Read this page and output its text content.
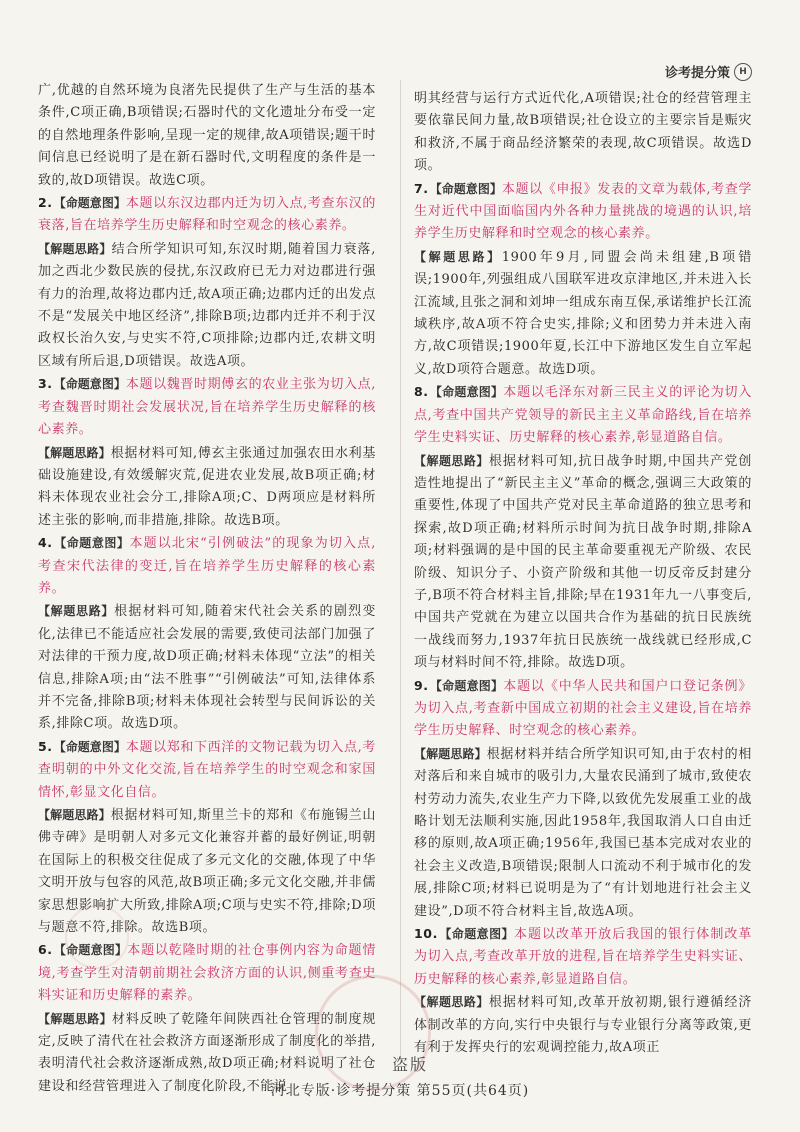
诊考提分策	H

广,优越的自然环境为良渚先民提供了生产与生活的基本条件,C项正确,B项错误;石器时代的文化遗址分布受一定的自然地理条件影响,呈现一定的规律,故A项错误;题干时间信息已经说明了是在新石器时代,文明程度的条件是一致的,故D项错误。故选C项。

2.【命题意图】本题以东汉边郡内迁为切入点,考查东汉的衰落,旨在培养学生历史解释和时空观念的核心素养。

【解题思路】结合所学知识可知,东汉时期,随着国力衰落,加之西北少数民族的侵扰,东汉政府已无力对边郡进行强有力的治理,故将边郡内迁,故A项正确;边郡内迁的出发点不是“发展关中地区经济”,排除B项;边郡内迁并不利于汉政权长治久安,与史实不符,C项排除;边郡内迁,农耕文明区域有所后退,D项错误。故选A项。

3.【命题意图】本题以魏晋时期傅玄的农业主张为切入点,考查魏晋时期社会发展状况,旨在培养学生历史解释的核心素养。

【解题思路】根据材料可知,傅玄主张通过加强农田水利基础设施建设,有效缓解灾荒,促进农业发展,故B项正确;材料未体现农业社会分工,排除A项;C、D两项应是材料所述主张的影响,而非措施,排除。故选B项。

4.【命题意图】本题以北宋“引例破法”的现象为切入点,考查宋代法律的变迁,旨在培养学生历史解释的核心素养。

【解题思路】根据材料可知,随着宋代社会关系的剧烈变化,法律已不能适应社会发展的需要,致使司法部门加强了对法律的干预力度,故D项正确;材料未体现“立法”的相关信息,排除A项;由“法不胜事”“引例破法”可知,法律体系并不完备,排除B项;材料未体现社会转型与民间诉讼的关系,排除C项。故选D项。

5.【命题意图】本题以郑和下西洋的文物记载为切入点,考查明朝的中外文化交流,旨在培养学生的时空观念和家国情怀,彰显文化自信。

【解题思路】根据材料可知,斯里兰卡的郑和《布施锡兰山佛寺碑》是明朝人对多元文化兼容并蓄的最好例证,明朝在国际上的积极交往促成了多元文化的交融,体现了中华文明开放与包容的风范,故B项正确;多元文化交融,并非儒家思想影响扩大所致,排除A项;C项与史实不符,排除;D项与题意不符,排除。故选B项。

6.【命题意图】本题以乾隆时期的社仓事例内容为命题情境,考查学生对清朝前期社会救济方面的认识,侧重考查史料实证和历史解释的素养。

【解题思路】材料反映了乾隆年间陕西社仓管理的制度规定,反映了清代在社会救济方面逐渐形成了制度化的举措,表明清代社会救济逐渐成熟,故D项正确;材料说明了社仓建设和经营管理进入了制度化阶段,不能说

明其经营与运行方式近代化,A项错误;社仓的经营管理主要依靠民间力量,故B项错误;社仓设立的主要宗旨是赈灾和救济,不属于商品经济繁荣的表现,故C项错误。故选D项。

7.【命题意图】本题以《申报》发表的文章为载体,考查学生对近代中国面临国内外各种力量挑战的境遇的认识,培养学生历史解释和时空观念的核心素养。

【解题思路】1900年9月,同盟会尚未组建,B项错误;1900年,列强组成八国联军进攻京津地区,并未进入长江流域,且张之洞和刘坤一组成东南互保,承诺维护长江流域秩序,故A项不符合史实,排除;义和团势力并未进入南方,故C项错误;1900年夏,长江中下游地区发生自立军起义,故D项符合题意。故选D项。

8.【命题意图】本题以毛泽东对新三民主义的评论为切入点,考查中国共产党领导的新民主主义革命路线,旨在培养学生史料实证、历史解释的核心素养,彰显道路自信。

【解题思路】根据材料可知,抗日战争时期,中国共产党创造性地提出了“新民主主义”革命的概念,强调三大政策的重要性,体现了中国共产党对民主革命道路的独立思考和探索,故D项正确;材料所示时间为抗日战争时期,排除A项;材料强调的是中国的民主革命要重视无产阶级、农民阶级、知识分子、小资产阶级和其他一切反帝反封建分子,B项不符合材料主旨,排除;早在1931年九一八事变后,中国共产党就在为建立以国共合作为基础的抗日民族统一战线而努力,1937年抗日民族统一战线就已经形成,C项与材料时间不符,排除。故选D项。

9.【命题意图】本题以《中华人民共和国户口登记条例》为切入点,考查新中国成立初期的社会主义建设,旨在培养学生历史解释、时空观念的核心素养。

【解题思路】根据材料并结合所学知识可知,由于农村的相对落后和来自城市的吸引力,大量农民涌到了城市,致使农村劳动力流失,农业生产力下降,以致优先发展重工业的战略计划无法顺利实施,因此1958年,我国取消人口自由迁移的原则,故A项正确;1956年,我国已基本完成对农业的社会主义改造,B项错误;限制人口流动不利于城市化的发展,排除C项;材料已说明是为了“有计划地进行社会主义建设”,D项不符合材料主旨,故选A项。

10.【命题意图】本题以改革开放后我国的银行体制改革为切入点,考查改革开放的进程,旨在培养学生史料实证、历史解释的核心素养,彰显道路自信。

【解题思路】根据材料可知,改革开放初期,银行遵循经济体制改革的方向,实行中央银行与专业银行分离等政策,更有利于发挥央行的宏观调控能力,故A项正

盗版
河北专版·诊考提分策 第55页(共64页)
